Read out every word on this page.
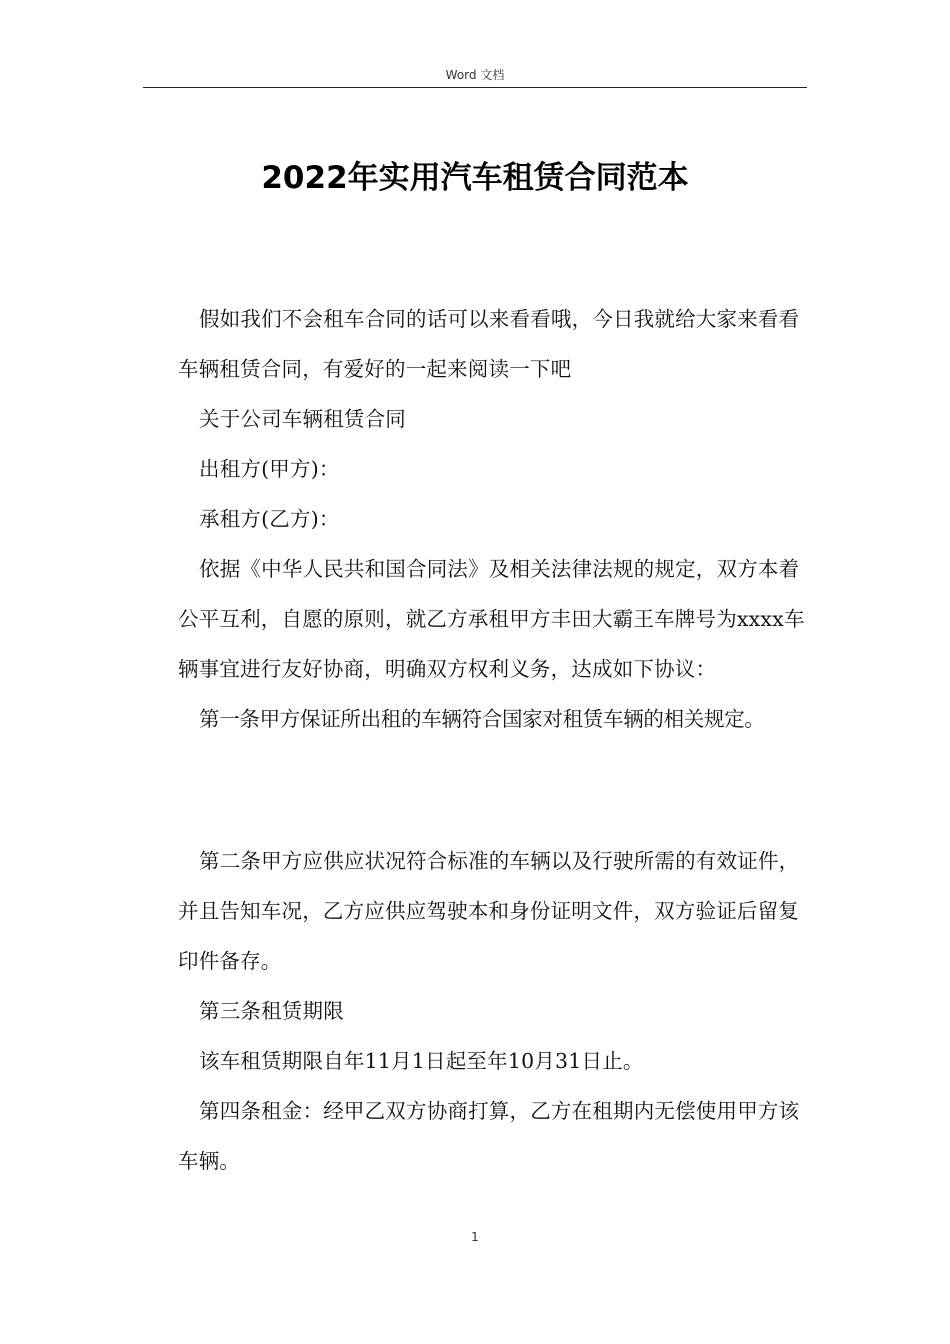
Word 文档
2022年实用汽车租赁合同范本

假如我们不会租车合同的话可以来看看哦，今日我就给大家来看看车辆租赁合同，有爱好的一起来阅读一下吧

关于公司车辆租赁合同

出租方(甲方)：

承租方(乙方)：

依据《中华人民共和国合同法》及相关法律法规的规定，双方本着公平互利，自愿的原则，就乙方承租甲方丰田大霸王车牌号为xxxx车辆事宜进行友好协商，明确双方权利义务，达成如下协议：

第一条甲方保证所出租的车辆符合国家对租赁车辆的相关规定。

第二条甲方应供应状况符合标准的车辆以及行驶所需的有效证件，并且告知车况，乙方应供应驾驶本和身份证明文件，双方验证后留复印件备存。

第三条租赁期限

该车租赁期限自年11月1日起至年10月31日止。

第四条租金：经甲乙双方协商打算，乙方在租期内无偿使用甲方该车辆。

1
